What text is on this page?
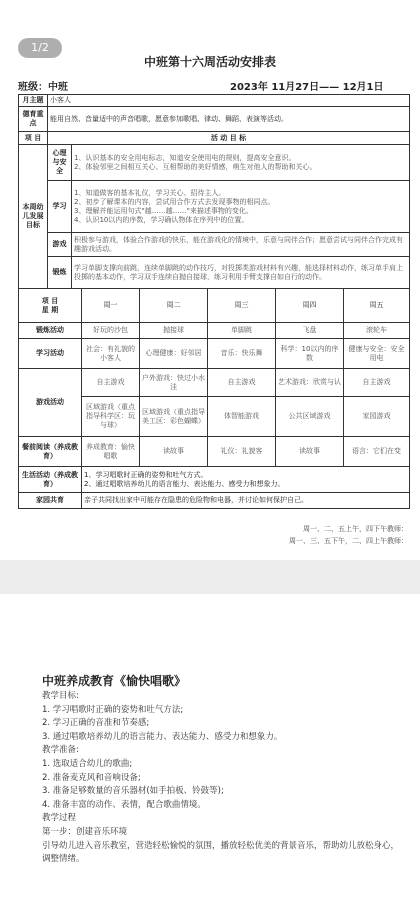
1/2
中班第十六周活动安排表
班级：中班	2023年 11月27日—— 12月1日
月主题	小客人						
德育重点	能用自然、音量适中的声音唱歌，愿意参加歌唱、律动、舞蹈、表演等活动。						
项 目	活 动 目 标						
本周幼儿发展目标	心理与安全	1、认识基本的安全用电标志，知道安全使用电的规则，提高安全意识。
2、体验邻里之间相互关心、互相帮助的美好情感，萌生对他人的帮助和关心。					
	学习	1、知道做客的基本礼仪，学习关心、招待主人。
2、初步了解课本的内容，尝试用合作方式去发现事物的相同点。
3、理解并能运用句式"越……越……"来描述事物的变化。
4、认识10以内的序数，学习确认物体在序列中的位置。					
	游戏	积极参与游戏，体验合作游戏的快乐，能在游戏化的情境中，乐意与同伴合作；愿意尝试与同伴合作完成有趣游戏活动。					
	锻炼	学习单脚支撑向前跳，连续单脚跳的动作技巧，对投掷类游戏材料有兴趣，能选择材料动作，练习单手肩上投掷的基本动作，学习双手连续自抛自接球，练习利用手臂支撑自如自行的动作。					

项 目
星 期			周一	周二	周三	周四	周五
锻炼活动			好玩的沙包	抛接球	单脚跳	飞盘	滚轮车
学习活动			社会：有礼貌的小客人	心理健康：好邻居	音乐：快乐舞	科学：10以内的序数	健康与安全：安全用电
游戏活动			自主游戏	户外游戏：快过小水洼	自主游戏	艺术游戏：欣赏与认	自主游戏
			区域游戏（重点指导科学区：玩与球）	区域游戏（重点指导美工区：彩色蝴蝶）	体智能游戏	公共区域游戏	家园游戏
餐前阅读（养成教育）			养成教育：愉快唱歌	读故事	礼仪：礼貌客	读故事	语言：它们在变
生活活动（养成教育）			1、学习唱歌时正确的姿势和吐气方式。
2、通过唱歌培养幼儿的语言能力、表达能力、感受力和想象力。				
家园共育			亲子共同找出家中可能存在隐患的危险物和电器，并讨论如何保护自己。				
周一、二、五上午，四下午教师：
周一、三、五下午，二、四上午教师：
中班养成教育《愉快唱歌》
教学目标:
1. 学习唱歌时正确的姿势和吐气方法;
2. 学习正确的音准和节奏感;
3. 通过唱歌培养幼儿的语言能力、表达能力、感受力和想象力。
教学准备:
1. 选取适合幼儿的歌曲;
2. 准备麦克风和音响设备;
3. 准备足够数量的音乐器材(如手拍板、铃鼓等);
4. 准备丰富的动作、表情，配合歌曲情境。
教学过程
第一步：创建音乐环境
引导幼儿进入音乐教室，营造轻松愉悦的氛围，播放轻松优美的背景音乐，帮助幼儿放松身心，调整情绪。
